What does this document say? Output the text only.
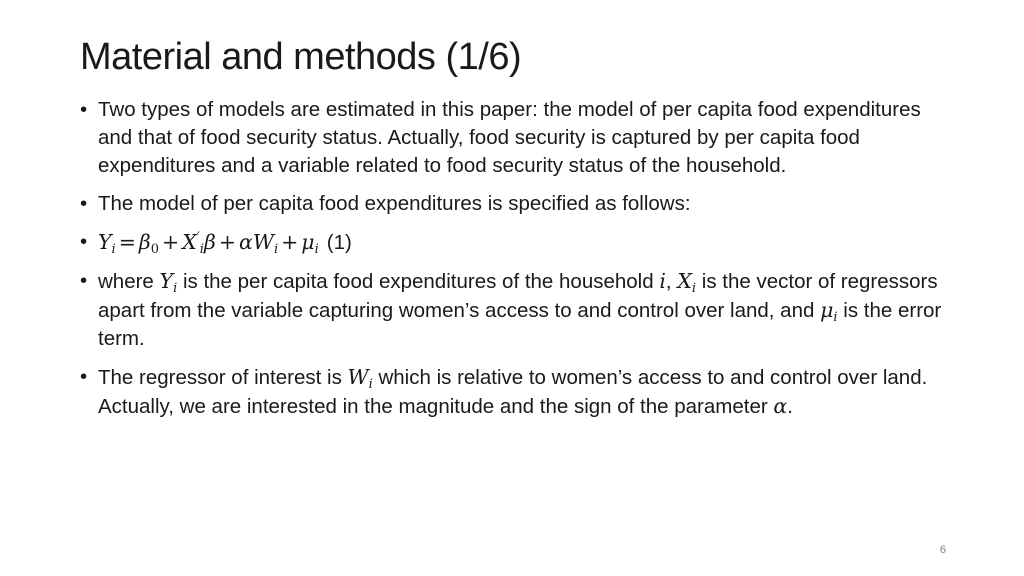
Material and methods (1/6)
• Two types of models are estimated in this paper: the model of per capita food expenditures and that of food security status. Actually, food security is captured by per capita food expenditures and a variable related to food security status of the household.
• The model of per capita food expenditures is specified as follows:
• $Y_i = \beta_0 + X'_i\beta + \alpha W_i + \mu_i$ (1)
• where $Y_i$ is the per capita food expenditures of the household i, $X_i$ is the vector of regressors apart from the variable capturing women’s access to and control over land, and $\mu_i$ is the error term.
• The regressor of interest is $W_i$ which is relative to women’s access to and control over land. Actually, we are interested in the magnitude and the sign of the parameter α.
6
